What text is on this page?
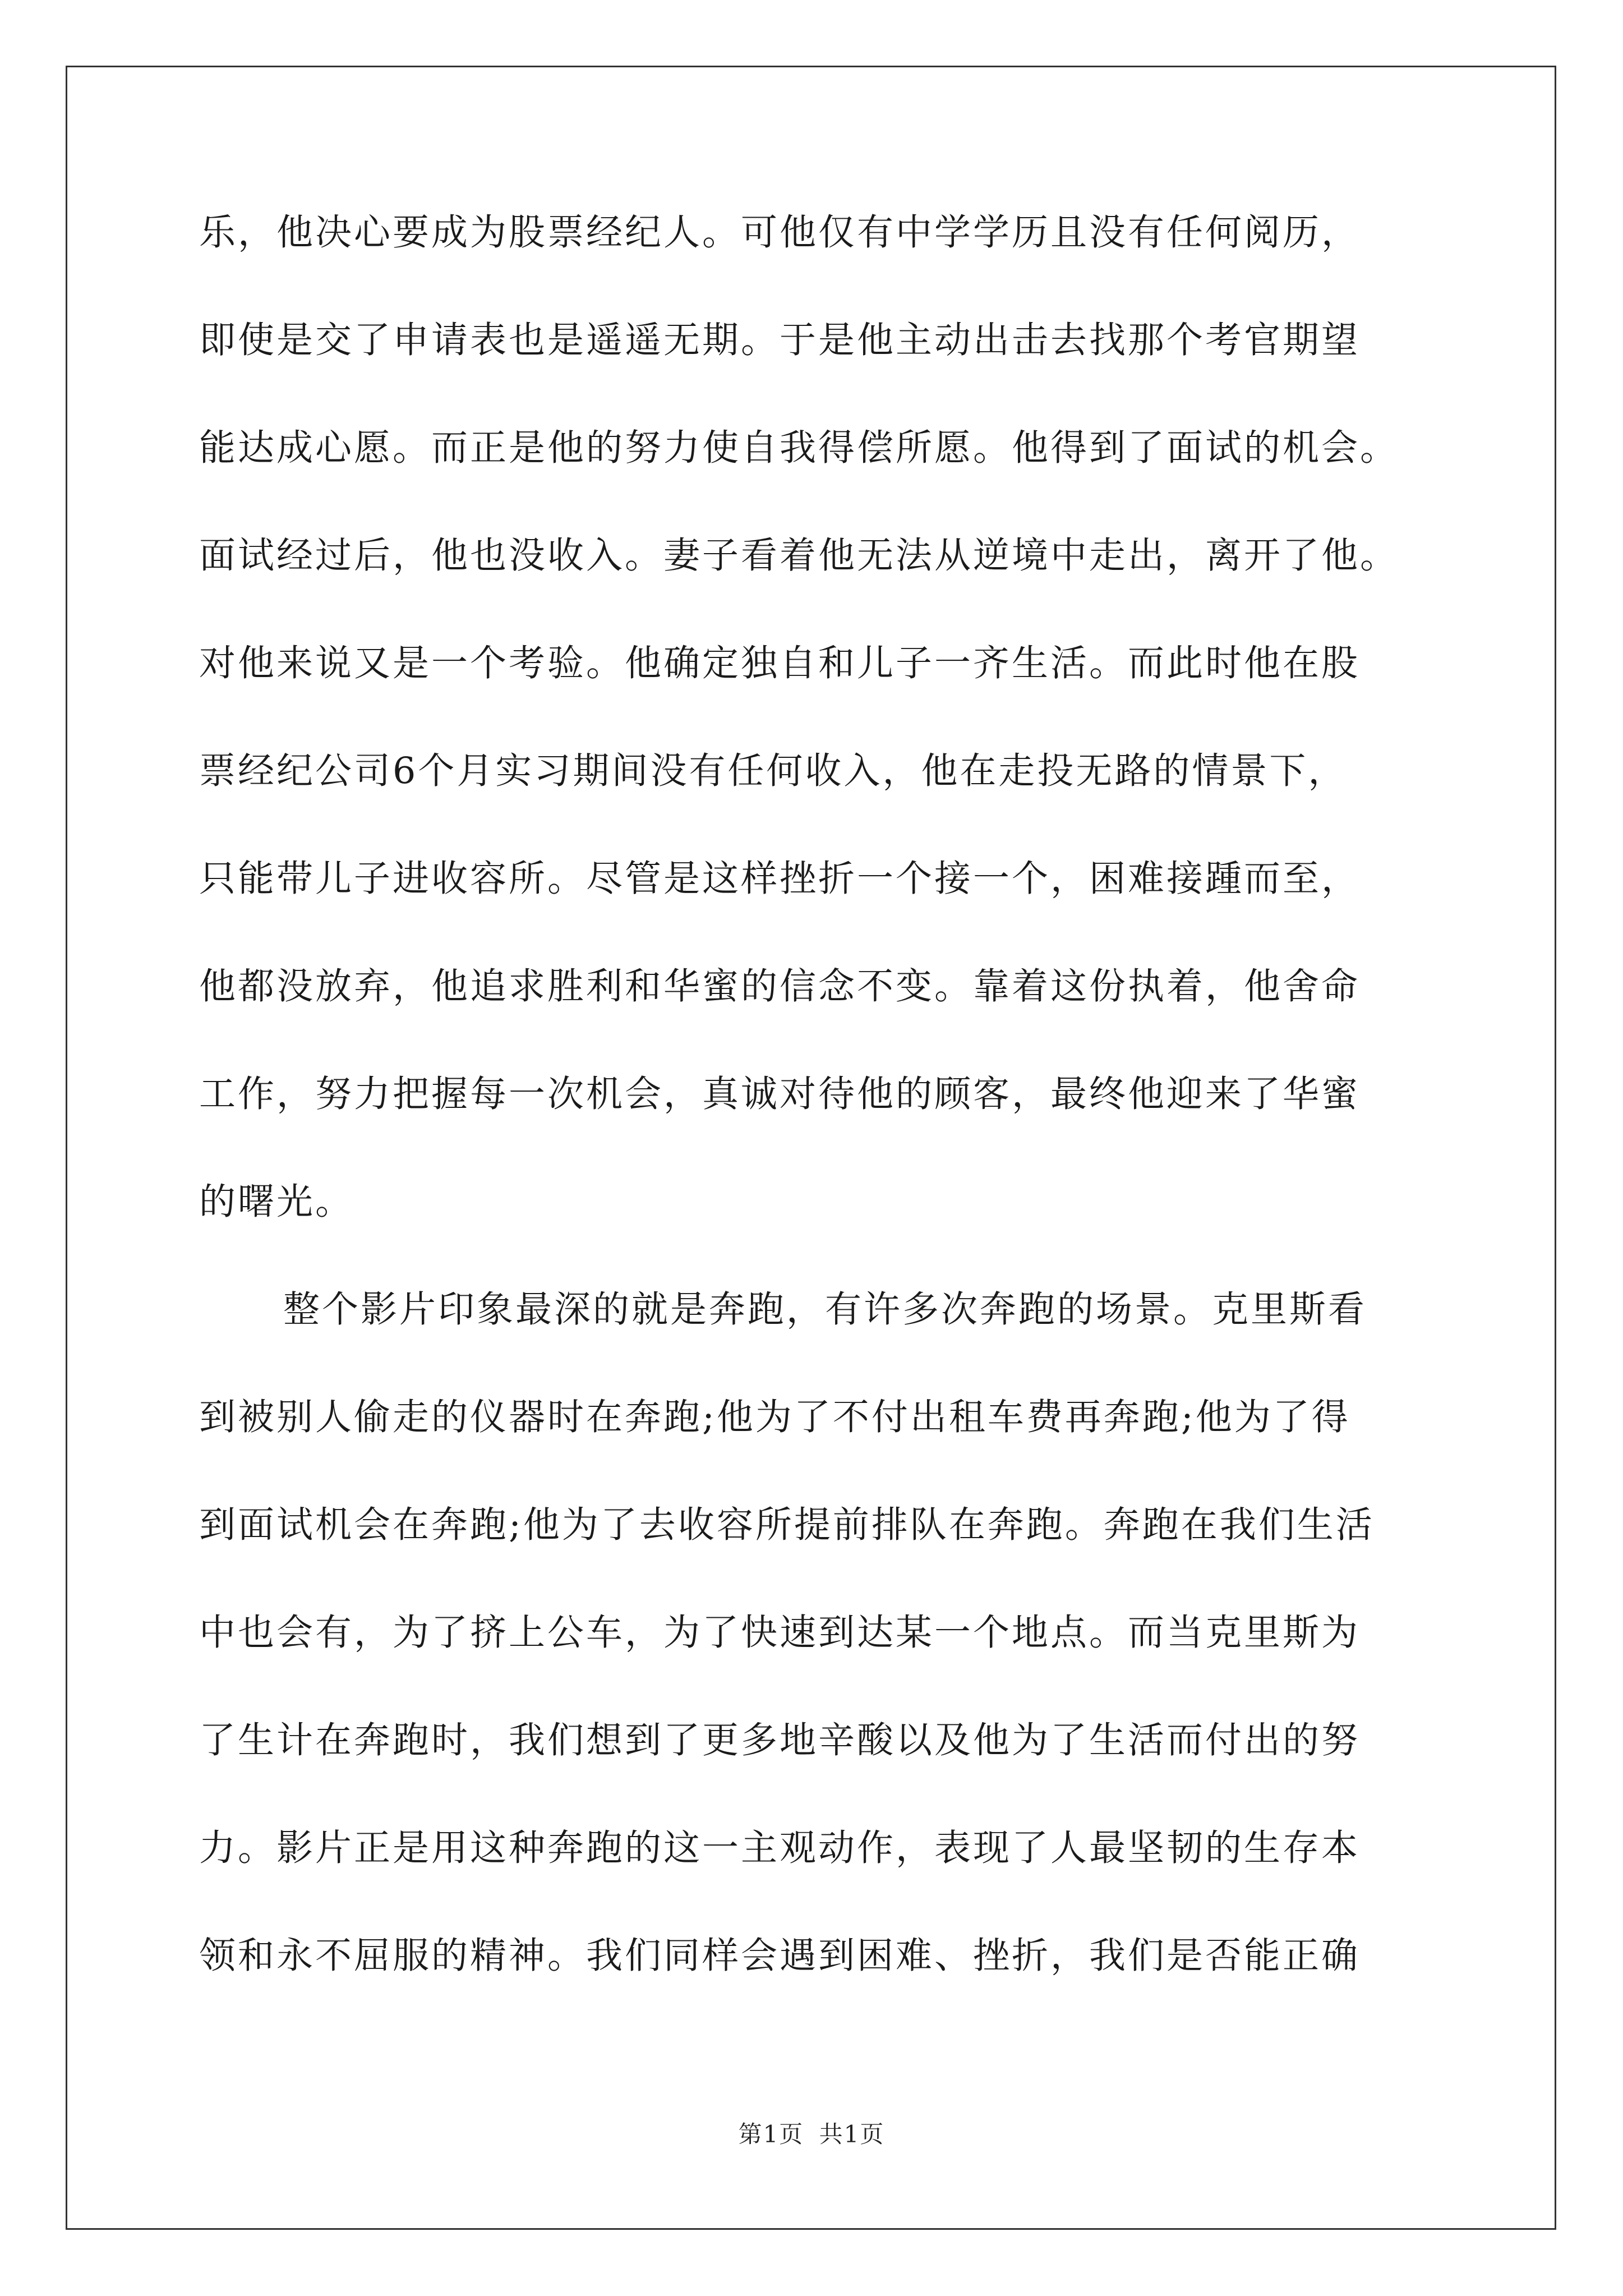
乐，他决心要成为股票经纪人。可他仅有中学学历且没有任何阅历，
即使是交了申请表也是遥遥无期。于是他主动出击去找那个考官期望
能达成心愿。而正是他的努力使自我得偿所愿。他得到了面试的机会。
面试经过后，他也没收入。妻子看着他无法从逆境中走出，离开了他。
对他来说又是一个考验。他确定独自和儿子一齐生活。而此时他在股
票经纪公司6个月实习期间没有任何收入，他在走投无路的情景下，
只能带儿子进收容所。尽管是这样挫折一个接一个，困难接踵而至，
他都没放弃，他追求胜利和华蜜的信念不变。靠着这份执着，他舍命
工作，努力把握每一次机会，真诚对待他的顾客，最终他迎来了华蜜
的曙光。
整个影片印象最深的就是奔跑，有许多次奔跑的场景。克里斯看
到被别人偷走的仪器时在奔跑;他为了不付出租车费再奔跑;他为了得
到面试机会在奔跑;他为了去收容所提前排队在奔跑。奔跑在我们生活
中也会有，为了挤上公车，为了快速到达某一个地点。而当克里斯为
了生计在奔跑时，我们想到了更多地辛酸以及他为了生活而付出的努
力。影片正是用这种奔跑的这一主观动作，表现了人最坚韧的生存本
领和永不屈服的精神。我们同样会遇到困难、挫折，我们是否能正确
第1页 共1页
